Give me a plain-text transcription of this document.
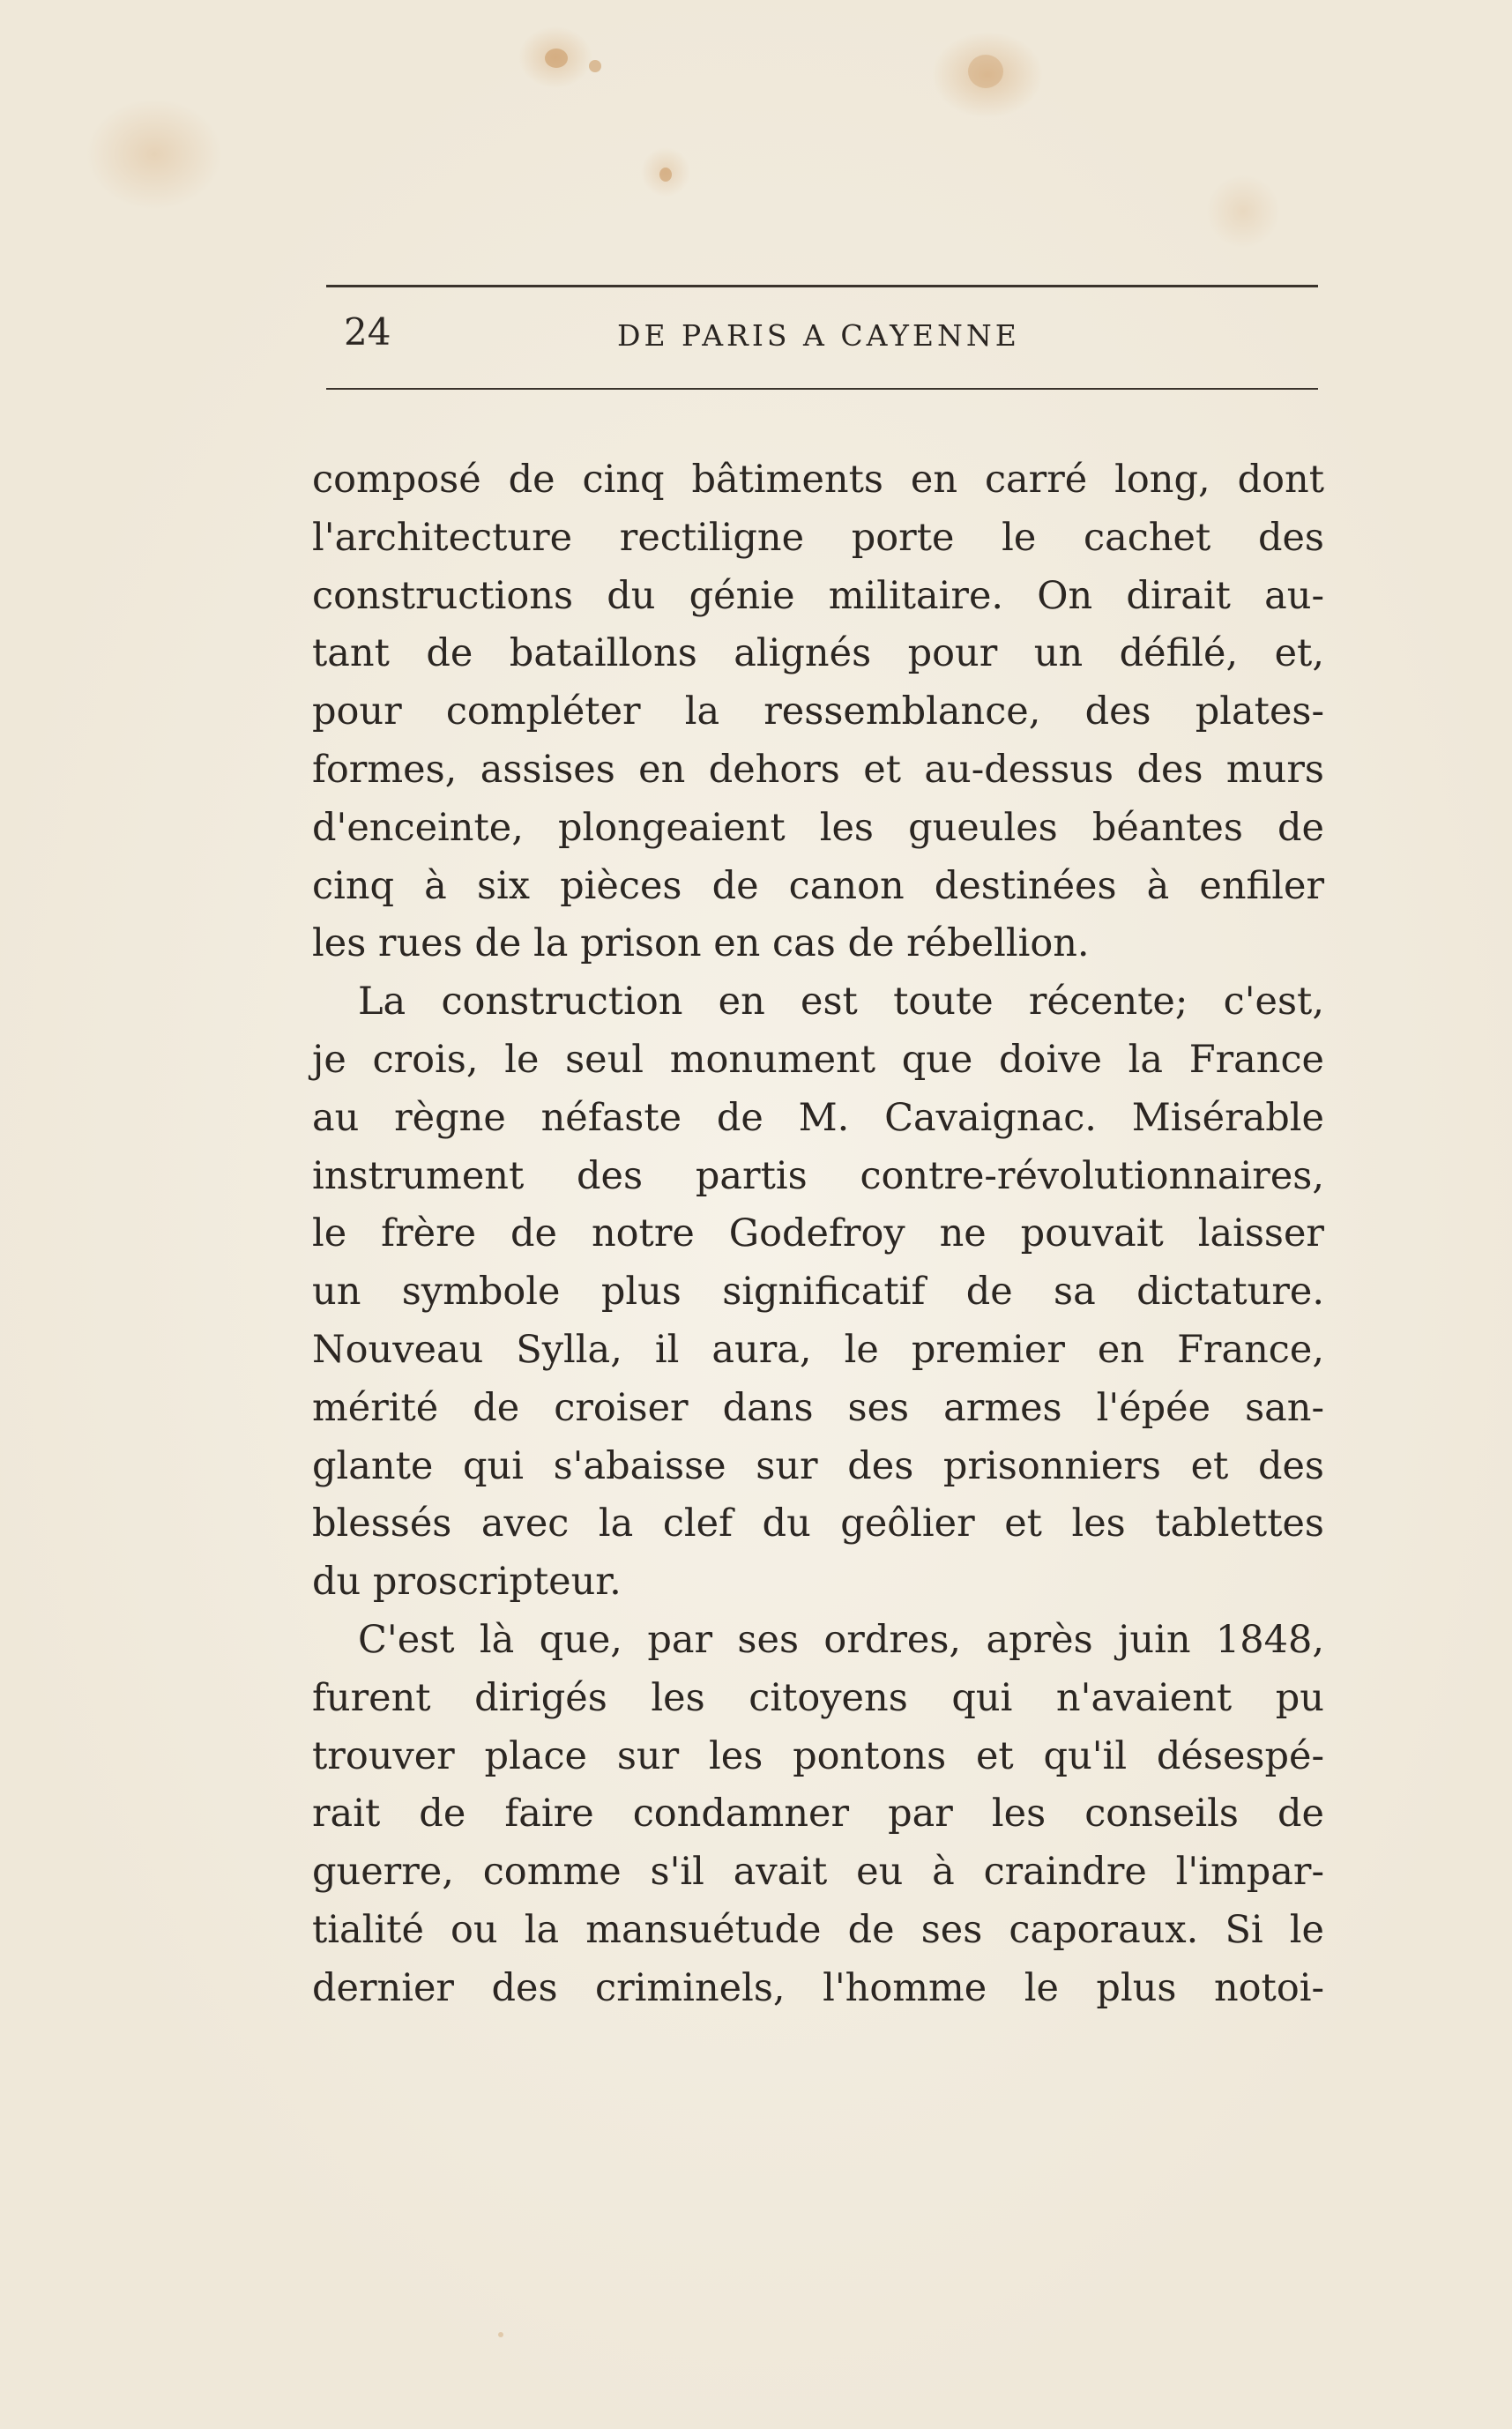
24	DE PARIS A CAYENNE
composé de cinq bâtiments en carré long, dont
l'architecture rectiligne porte le cachet des
constructions du génie militaire. On dirait au-
tant de bataillons alignés pour un défilé, et,
pour compléter la ressemblance, des plates-
formes, assises en dehors et au-dessus des murs
d'enceinte, plongeaient les gueules béantes de
cinq à six pièces de canon destinées à enfiler
les rues de la prison en cas de rébellion.
La construction en est toute récente; c'est,
je crois, le seul monument que doive la France
au règne néfaste de M. Cavaignac. Misérable
instrument des partis contre-révolutionnaires,
le frère de notre Godefroy ne pouvait laisser
un symbole plus significatif de sa dictature.
Nouveau Sylla, il aura, le premier en France,
mérité de croiser dans ses armes l'épée san-
glante qui s'abaisse sur des prisonniers et des
blessés avec la clef du geôlier et les tablettes
du proscripteur.
C'est là que, par ses ordres, après juin 1848,
furent dirigés les citoyens qui n'avaient pu
trouver place sur les pontons et qu'il désespé-
rait de faire condamner par les conseils de
guerre, comme s'il avait eu à craindre l'impar-
tialité ou la mansuétude de ses caporaux. Si le
dernier des criminels, l'homme le plus notoi-
